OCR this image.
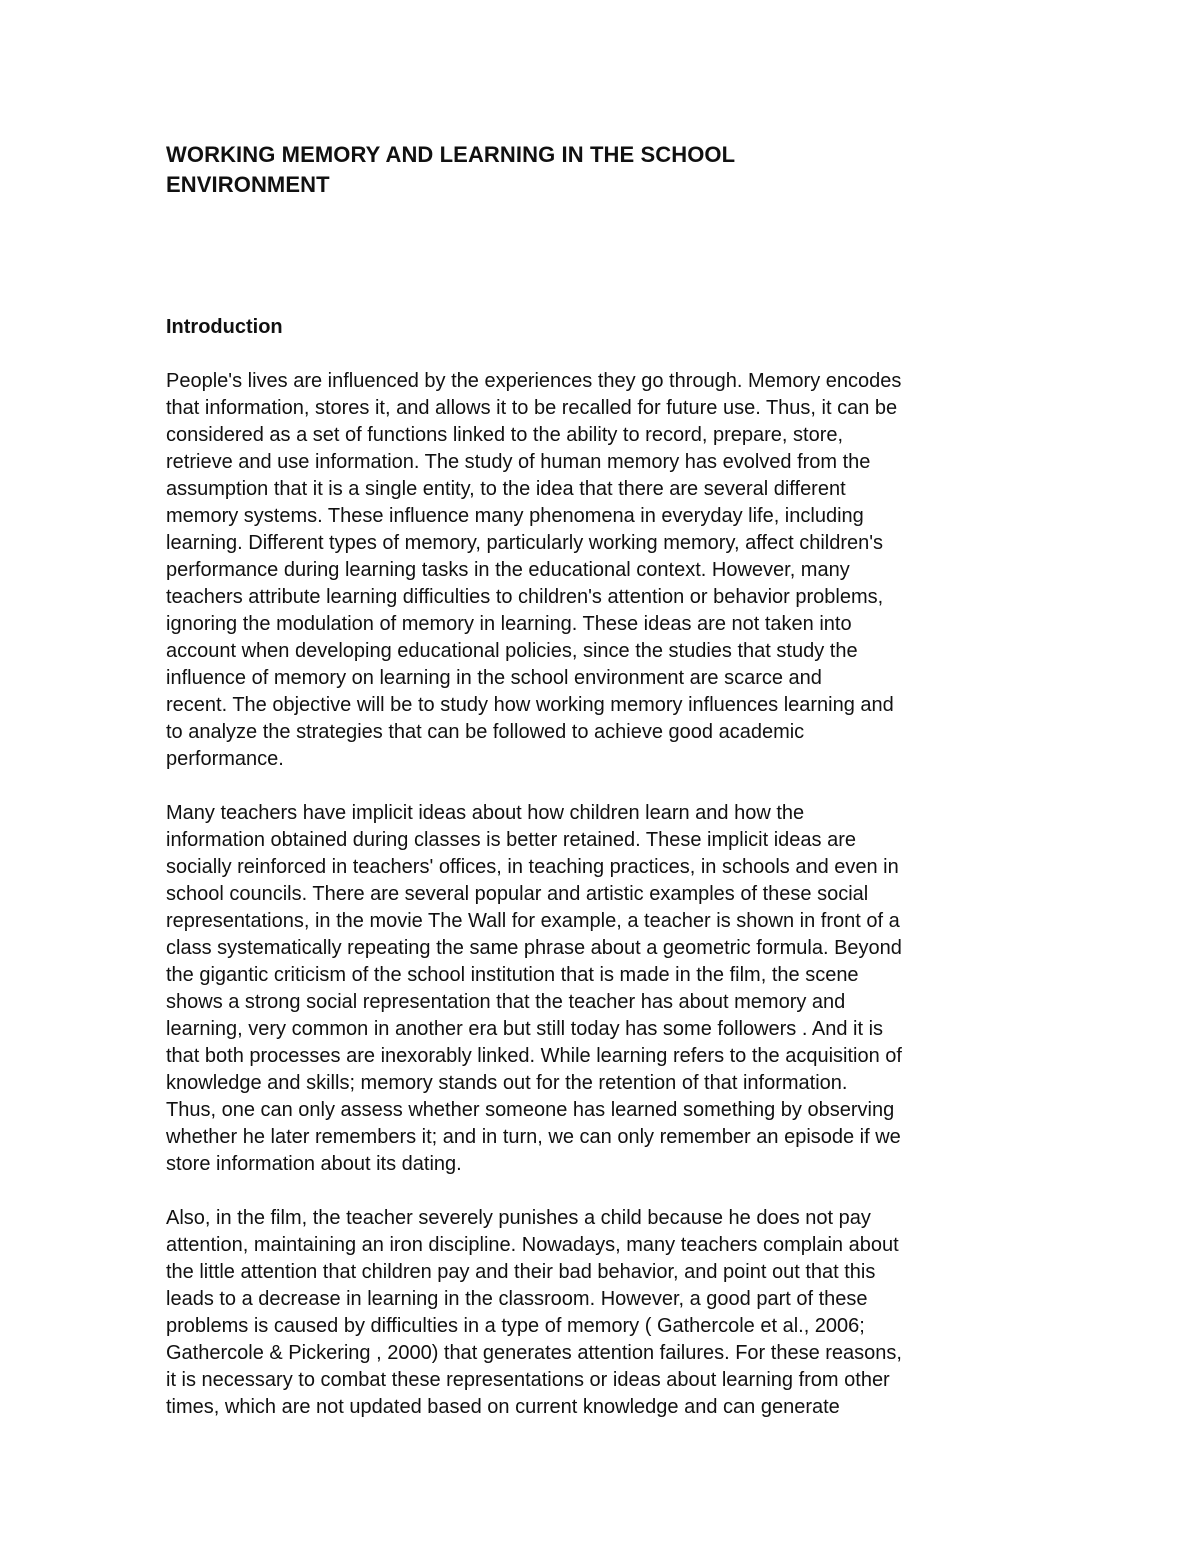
WORKING MEMORY AND LEARNING IN THE SCHOOL
ENVIRONMENT
Introduction

People's lives are influenced by the experiences they go through. Memory encodes
that information, stores it, and allows it to be recalled for future use. Thus, it can be
considered as a set of functions linked to the ability to record, prepare, store,
retrieve and use information. The study of human memory has evolved from the
assumption that it is a single entity, to the idea that there are several different
memory systems. These influence many phenomena in everyday life, including
learning. Different types of memory, particularly working memory, affect children's
performance during learning tasks in the educational context. However, many
teachers attribute learning difficulties to children's attention or behavior problems,
ignoring the modulation of memory in learning. These ideas are not taken into
account when developing educational policies, since the studies that study the
influence of memory on learning in the school environment are scarce and
recent. The objective will be to study how working memory influences learning and
to analyze the strategies that can be followed to achieve good academic
performance.

Many teachers have implicit ideas about how children learn and how the
information obtained during classes is better retained. These implicit ideas are
socially reinforced in teachers' offices, in teaching practices, in schools and even in
school councils. There are several popular and artistic examples of these social
representations, in the movie The Wall for example, a teacher is shown in front of a
class systematically repeating the same phrase about a geometric formula. Beyond
the gigantic criticism of the school institution that is made in the film, the scene
shows a strong social representation that the teacher has about memory and
learning, very common in another era but still today has some followers . And it is
that both processes are inexorably linked. While learning refers to the acquisition of
knowledge and skills; memory stands out for the retention of that information.
Thus, one can only assess whether someone has learned something by observing
whether he later remembers it; and in turn, we can only remember an episode if we
store information about its dating.

Also, in the film, the teacher severely punishes a child because he does not pay
attention, maintaining an iron discipline. Nowadays, many teachers complain about
the little attention that children pay and their bad behavior, and point out that this
leads to a decrease in learning in the classroom. However, a good part of these
problems is caused by difficulties in a type of memory ( Gathercole et al., 2006;
Gathercole & Pickering , 2000) that generates attention failures. For these reasons,
it is necessary to combat these representations or ideas about learning from other
times, which are not updated based on current knowledge and can generate
